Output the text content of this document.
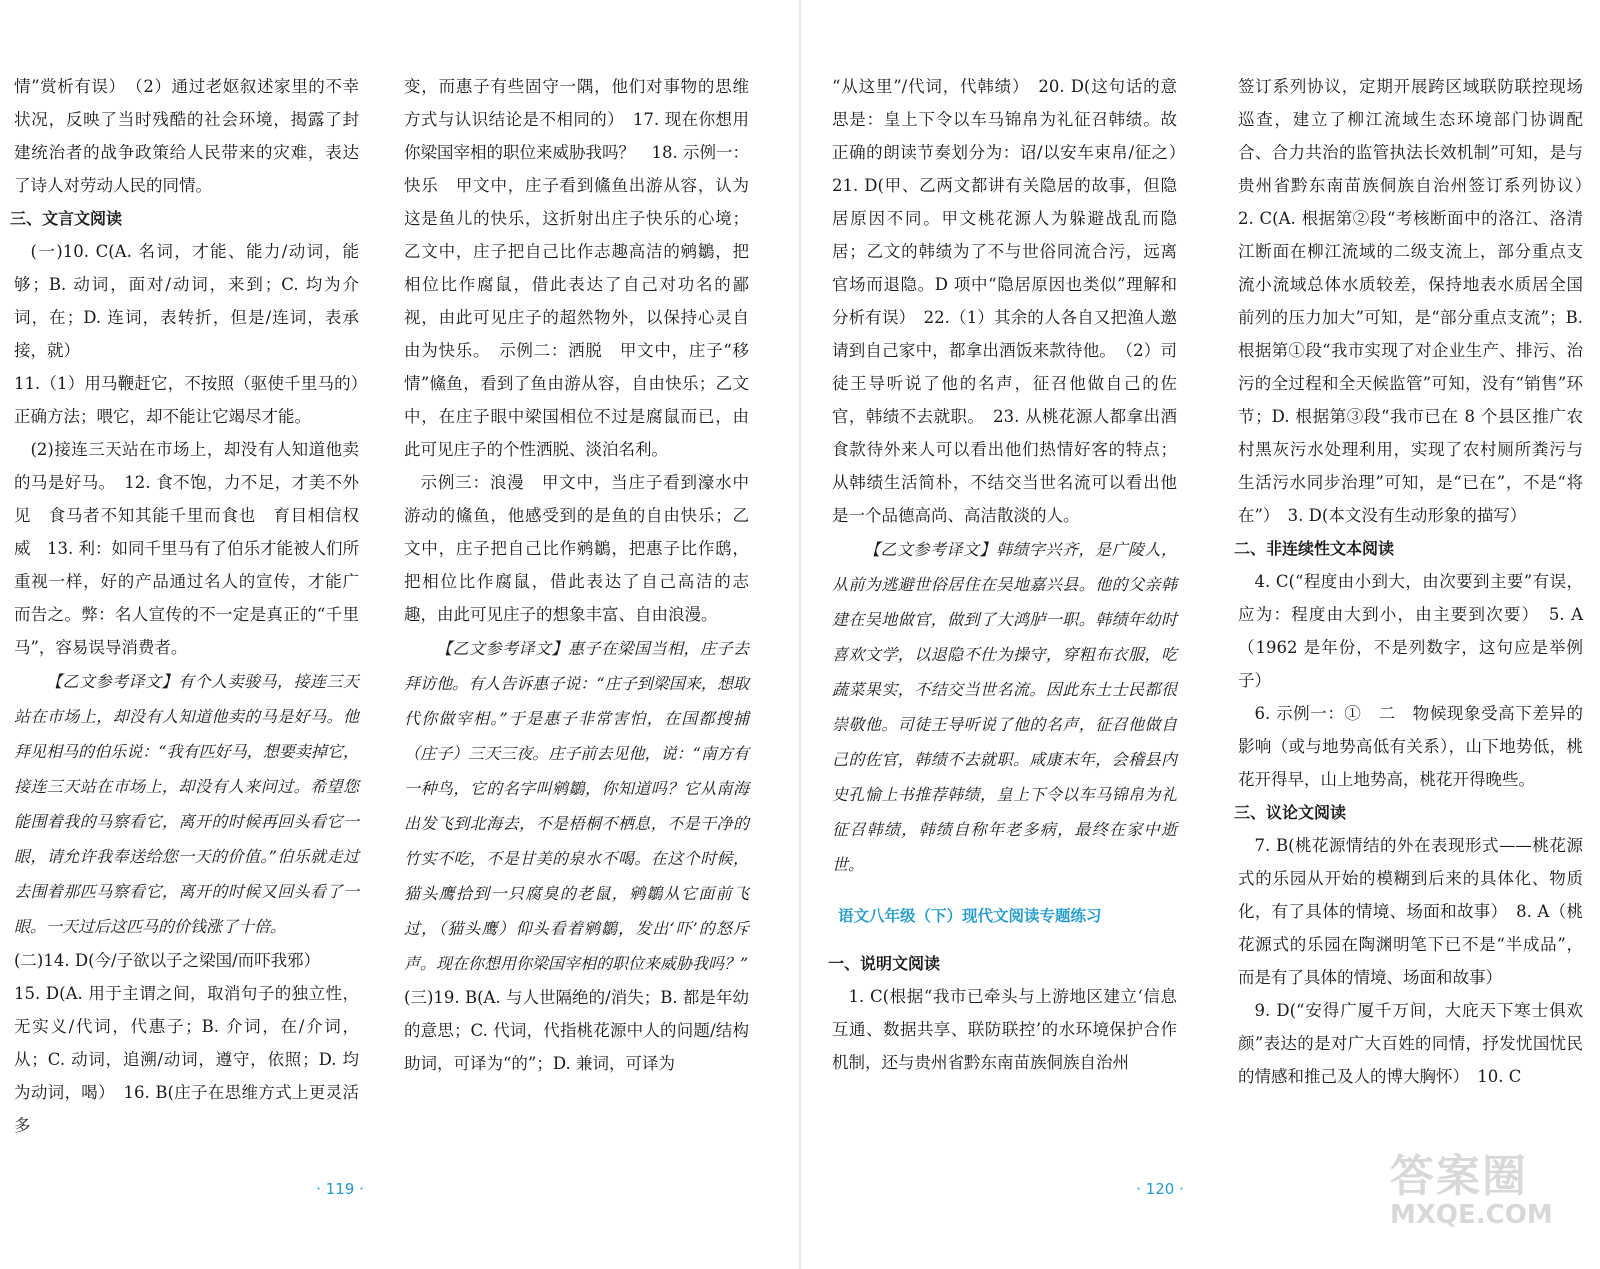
情”赏析有误）　（2）通过老妪叙述家里的不幸状况，反映了当时残酷的社会环境，揭露了封建统治者的战争政策给人民带来的灾难，表达了诗人对劳动人民的同情。

三、文言文阅读

(一)10. C(A. 名词，才能、能力/动词，能够；B. 动词，面对/动词，来到；C. 均为介词，在；D. 连词，表转折，但是/连词，表承接，就）

11.（1）用马鞭赶它，不按照（驱使千里马的）正确方法；喂它，却不能让它竭尽才能。

(2)接连三天站在市场上，却没有人知道他卖的马是好马。　12. 食不饱，力不足，才美不外见　食马者不知其能千里而食也　育目相信权威　13. 利：如同千里马有了伯乐才能被人们所重视一样，好的产品通过名人的宣传，才能广而告之。弊：名人宣传的不一定是真正的“千里马”，容易误导消费者。

【乙文参考译文】有个人卖骏马，接连三天站在市场上，却没有人知道他卖的马是好马。他拜见相马的伯乐说：“我有匹好马，想要卖掉它，接连三天站在市场上，却没有人来问过。希望您能围着我的马察看它，离开的时候再回头看它一眼，请允许我奉送给您一天的价值。”伯乐就走过去围着那匹马察看它，离开的时候又回头看了一眼。一天过后这匹马的价钱涨了十倍。

(二)14. D(今/子欲以子之梁国/而吓我邪）

15. D(A. 用于主谓之间，取消句子的独立性，无实义/代词，代惠子；B. 介词，在/介词，从；C. 动词，追溯/动词，遵守，依照；D. 均为动词，喝）　16. B(庄子在思维方式上更灵活多

变，而惠子有些固守一隅，他们对事物的思维方式与认识结论是不相同的）　17. 现在你想用你梁国宰相的职位来威胁我吗？　18. 示例一：快乐　甲文中，庄子看到鯈鱼出游从容，认为这是鱼儿的快乐，这折射出庄子快乐的心境；乙文中，庄子把自己比作志趣高洁的鹓鶵，把相位比作腐鼠，借此表达了自己对功名的鄙视，由此可见庄子的超然物外，以保持心灵自由为快乐。　示例二：洒脱　甲文中，庄子“移情”鯈鱼，看到了鱼由游从容，自由快乐；乙文中，在庄子眼中梁国相位不过是腐鼠而已，由此可见庄子的个性洒脱、淡泊名利。

示例三：浪漫　甲文中，当庄子看到濠水中游动的鯈鱼，他感受到的是鱼的自由快乐；乙文中，庄子把自己比作鹓鶵，把惠子比作鸱，把相位比作腐鼠，借此表达了自己高洁的志趣，由此可见庄子的想象丰富、自由浪漫。

【乙文参考译文】惠子在梁国当相，庄子去拜访他。有人告诉惠子说：“庄子到梁国来，想取代你做宰相。”于是惠子非常害怕，在国都搜捕（庄子）三天三夜。庄子前去见他，说：“南方有一种鸟，它的名字叫鹓鶵，你知道吗？它从南海出发飞到北海去，不是梧桐不栖息，不是干净的竹实不吃，不是甘美的泉水不喝。在这个时候，猫头鹰拾到一只腐臭的老鼠，鹓鶵从它面前飞过，（猫头鹰）仰头看着鹓鶵，发出‘吓’的怒斥声。现在你想用你梁国宰相的职位来威胁我吗？”

(三)19. B(A. 与人世隔绝的/消失；B. 都是年幼的意思；C. 代词，代指桃花源中人的问题/结构助词，可译为“的”；D. 兼词，可译为

· 119 ·

“从这里”/代词，代韩绩）　20. D(这句话的意思是：皇上下令以车马锦帛为礼征召韩绩。故正确的朗读节奏划分为：诏/以安车束帛/征之）　21. D(甲、乙两文都讲有关隐居的故事，但隐居原因不同。甲文桃花源人为躲避战乱而隐居；乙文的韩绩为了不与世俗同流合污，远离官场而退隐。D 项中“隐居原因也类似”理解和分析有误）　22.（1）其余的人各自又把渔人邀请到自己家中，都拿出酒饭来款待他。　（2）司徒王导听说了他的名声，征召他做自己的佐官，韩绩不去就职。　23. 从桃花源人都拿出酒食款待外来人可以看出他们热情好客的特点；从韩绩生活简朴，不结交当世名流可以看出他是一个品德高尚、高洁散淡的人。

【乙文参考译文】韩绩字兴齐，是广陵人，从前为逃避世俗居住在吴地嘉兴县。他的父亲韩建在吴地做官，做到了大鸿胪一职。韩绩年幼时喜欢文学，以退隐不仕为操守，穿粗布衣服，吃蔬菜果实，不结交当世名流。因此东土士民都很崇敬他。司徒王导听说了他的名声，征召他做自己的佐官，韩绩不去就职。咸康末年，会稽县内史孔愉上书推荐韩绩，皇上下令以车马锦帛为礼征召韩绩，韩绩自称年老多病，最终在家中逝世。

语文八年级（下）现代文阅读专题练习

一、说明文阅读

1. C(根据“我市已牵头与上游地区建立‘信息互通、数据共享、联防联控’的水环境保护合作机制，还与贵州省黔东南苗族侗族自治州

签订系列协议，定期开展跨区域联防联控现场巡查，建立了柳江流域生态环境部门协调配合、合力共治的监管执法长效机制”可知，是与贵州省黔东南苗族侗族自治州签订系列协议）　2. C(A. 根据第②段“考核断面中的洛江、洛清江断面在柳江流域的二级支流上，部分重点支流小流域总体水质较差，保持地表水质居全国前列的压力加大”可知，是“部分重点支流”；B. 根据第①段“我市实现了对企业生产、排污、治污的全过程和全天候监管”可知，没有“销售”环节；D. 根据第③段“我市已在 8 个县区推广农村黑灰污水处理利用，实现了农村厕所粪污与生活污水同步治理”可知，是“已在”，不是“将在”）　3. D(本文没有生动形象的描写）

二、非连续性文本阅读

4. C(“程度由小到大，由次要到主要”有误，应为：程度由大到小，由主要到次要）　5. A（1962 是年份，不是列数字，这句应是举例子）

6. 示例一：①　二　物候现象受高下差异的影响（或与地势高低有关系），山下地势低，桃花开得早，山上地势高，桃花开得晚些。

三、议论文阅读

7. B(桃花源情结的外在表现形式——桃花源式的乐园从开始的模糊到后来的具体化、物质化，有了具体的情境、场面和故事）　8. A（桃花源式的乐园在陶渊明笔下已不是“半成品”，而是有了具体的情境、场面和故事）

9. D(“安得广厦千万间，大庇天下寒士俱欢颜”表达的是对广大百姓的同情，抒发忧国忧民的情感和推己及人的博大胸怀）　10. C

· 120 ·	答案圈
MXQE.COM
